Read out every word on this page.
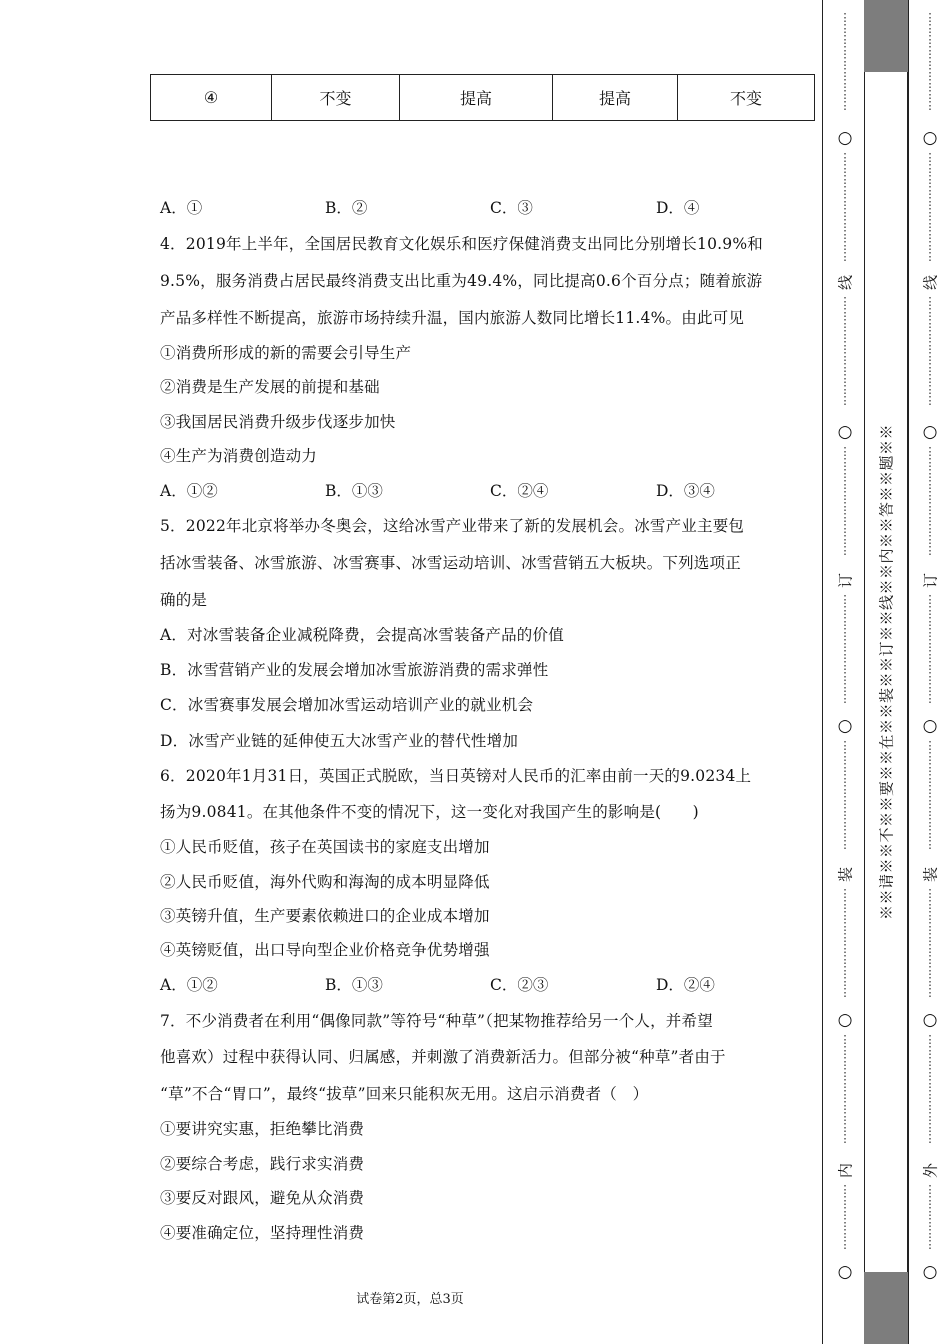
④	不变	提高	提高	不变
A．①	B．②	C．③	D．④
4．2019年上半年，全国居民教育文化娱乐和医疗保健消费支出同比分别增长10.9%和
9.5%，服务消费占居民最终消费支出比重为49.4%，同比提高0.6个百分点；随着旅游
产品多样性不断提高，旅游市场持续升温，国内旅游人数同比增长11.4%。由此可见
①消费所形成的新的需要会引导生产
②消费是生产发展的前提和基础
③我国居民消费升级步伐逐步加快
④生产为消费创造动力
A．①②	B．①③	C．②④	D．③④
5．2022年北京将举办冬奥会，这给冰雪产业带来了新的发展机会。冰雪产业主要包
括冰雪装备、冰雪旅游、冰雪赛事、冰雪运动培训、冰雪营销五大板块。下列选项正
确的是
A．对冰雪装备企业减税降费，会提高冰雪装备产品的价值
B．冰雪营销产业的发展会增加冰雪旅游消费的需求弹性
C．冰雪赛事发展会增加冰雪运动培训产业的就业机会
D．冰雪产业链的延伸使五大冰雪产业的替代性增加
6．2020年1月31日，英国正式脱欧，当日英镑对人民币的汇率由前一天的9.0234上
扬为9.0841。在其他条件不变的情况下，这一变化对我国产生的影响是(　　)
①人民币贬值，孩子在英国读书的家庭支出增加
②人民币贬值，海外代购和海淘的成本明显降低
③英镑升值，生产要素依赖进口的企业成本增加
④英镑贬值，出口导向型企业价格竞争优势增强
A．①②	B．①③	C．②③	D．②④
7．不少消费者在利用“偶像同款”等符号“种草”（把某物推荐给另一个人，并希望
他喜欢）过程中获得认同、归属感，并刺激了消费新活力。但部分被“种草”者由于
“草”不合“胃口”，最终“拔草”回来只能积灰无用。这启示消费者（　）
①要讲究实惠，拒绝攀比消费
②要综合考虑，践行求实消费
③要反对跟风，避免从众消费
④要准确定位，坚持理性消费
试卷第2页，总3页
※※请※※不※※要※※在※※装※※订※※线※※内※※答※※题※※
线
订
装
内
○
○
○
○
○
⋮
⋮
⋮
⋮
⋮
⋮
⋮
⋮
⋮
⋮
⋮
⋮
⋮
⋮
⋮
⋮
⋮
⋮
⋮
⋮
⋮
⋮
⋮
⋮
⋮
⋮
⋮
⋮
⋮
⋮
⋮
⋮
⋮
⋮
⋮
⋮
⋮
⋮
⋮
⋮
⋮
⋮
⋮
⋮
⋮
⋮
⋮
⋮
⋮
⋮
⋮
⋮
⋮
⋮
⋮
⋮
⋮
⋮
⋮
⋮
⋮
⋮
⋮
⋮
⋮
⋮
⋮
⋮
⋮
⋮
⋮
⋮
⋮
⋮
⋮
⋮
⋮
⋮
⋮
⋮
⋮
⋮
⋮
⋮
⋮
线
订
装
外
○
○
○
○
○
⋮
⋮
⋮
⋮
⋮
⋮
⋮
⋮
⋮
⋮
⋮
⋮
⋮
⋮
⋮
⋮
⋮
⋮
⋮
⋮
⋮
⋮
⋮
⋮
⋮
⋮
⋮
⋮
⋮
⋮
⋮
⋮
⋮
⋮
⋮
⋮
⋮
⋮
⋮
⋮
⋮
⋮
⋮
⋮
⋮
⋮
⋮
⋮
⋮
⋮
⋮
⋮
⋮
⋮
⋮
⋮
⋮
⋮
⋮
⋮
⋮
⋮
⋮
⋮
⋮
⋮
⋮
⋮
⋮
⋮
⋮
⋮
⋮
⋮
⋮
⋮
⋮
⋮
⋮
⋮
⋮
⋮
⋮
⋮
⋮
